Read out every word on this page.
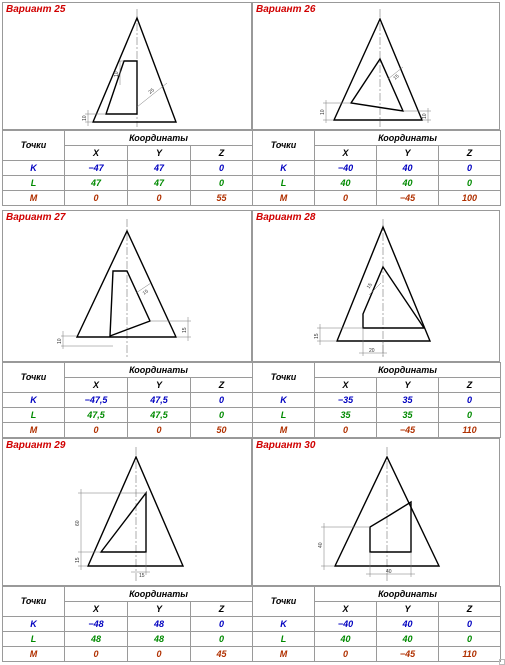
Вариант 25
10
25
10
Точки	Координаты		
	X	Y	Z
K	−47	47	0
L	47	47	0
M	0	0	55
Вариант 26
15
10
10
Точки	Координаты		
	X	Y	Z
K	−40	40	0
L	40	40	0
M	0	−45	100
Вариант 27
15
10
15
Точки	Координаты		
	X	Y	Z
K	−47,5	47,5	0
L	47,5	47,5	0
M	0	0	50
Вариант 28
15
15
20
Точки	Координаты		
	X	Y	Z
K	−35	35	0
L	35	35	0
M	0	−45	110
Вариант 29
60
15
15
Точки	Координаты		
	X	Y	Z
K	−48	48	0
L	48	48	0
M	0	0	45
Вариант 30
40
40
Точки	Координаты		
	X	Y	Z
K	−40	40	0
L	40	40	0
M	0	−45	110
